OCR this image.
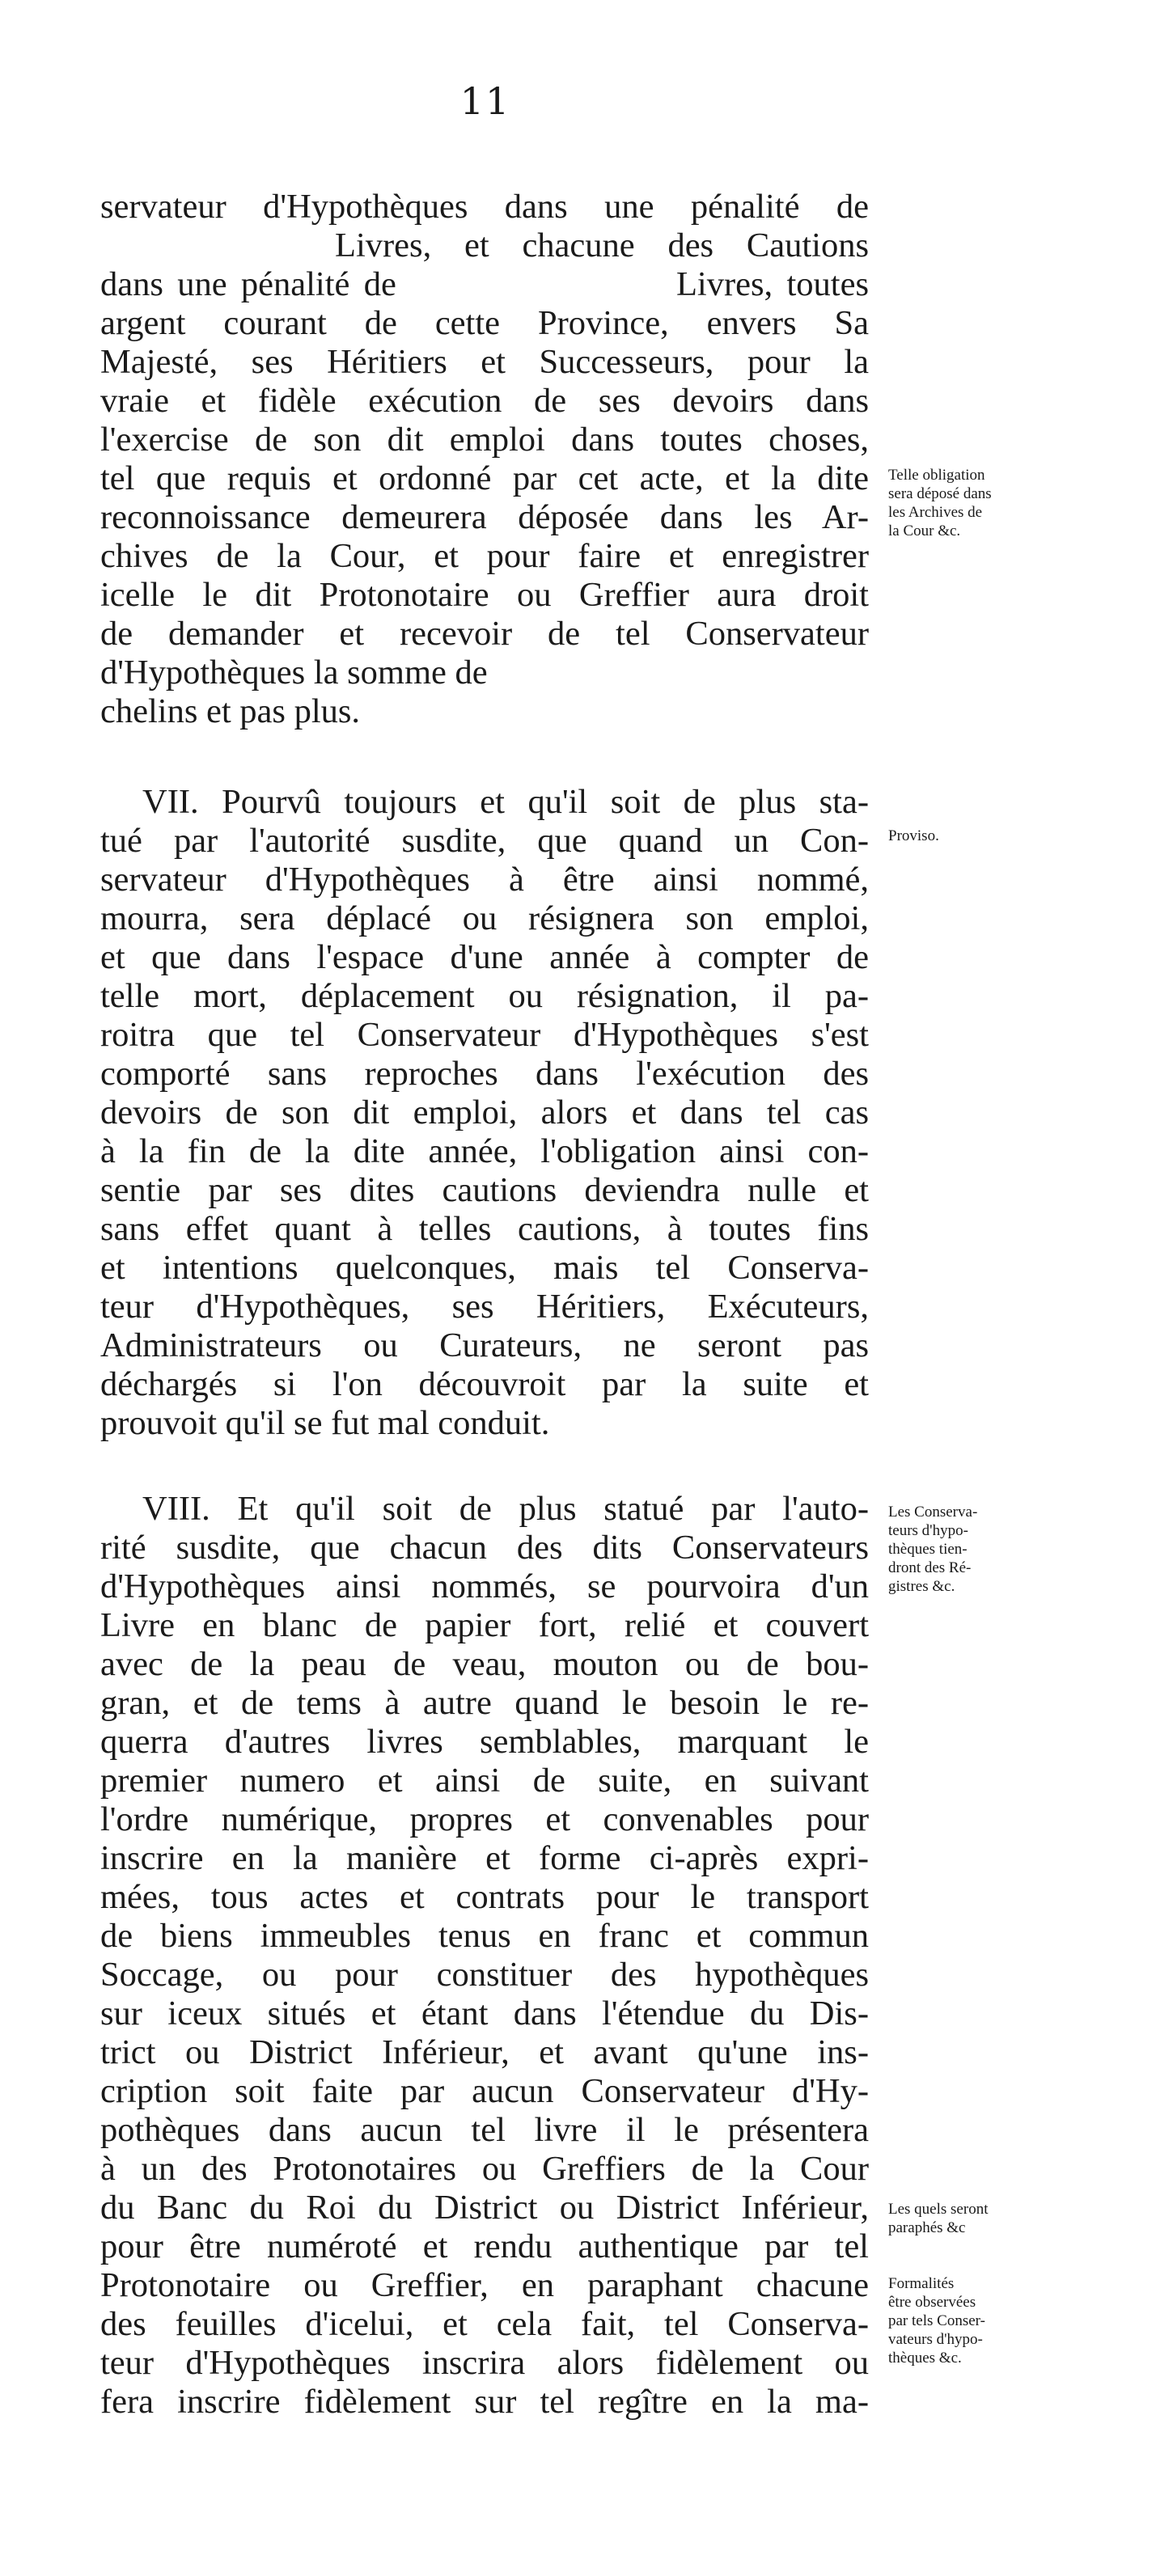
11
servateur d'Hypothèques dans une pénalité de
Livres, et chacune des Cautions
dans une pénalité de                    Livres, toutes
argent courant de cette Province, envers Sa
Majesté, ses Héritiers et Successeurs, pour la
vraie et fidèle exécution de ses devoirs dans
l'exercise de son dit emploi dans toutes choses,
tel que requis et ordonné par cet acte, et la dite
reconnoissance demeurera déposée dans les Ar-
chives de la Cour, et pour faire et enregistrer
icelle le dit Protonotaire ou Greffier aura droit
de demander et recevoir de tel Conservateur
d'Hypothèques la somme de
chelins et pas plus.
VII. Pourvû toujours et qu'il soit de plus sta-
tué par l'autorité susdite, que quand un Con-
servateur d'Hypothèques à être ainsi nommé,
mourra, sera déplacé ou résignera son emploi,
et que dans l'espace d'une année à compter de
telle mort, déplacement ou résignation, il pa-
roitra que tel Conservateur d'Hypothèques s'est
comporté sans reproches dans l'exécution des
devoirs de son dit emploi, alors et dans tel cas
à la fin de la dite année, l'obligation ainsi con-
sentie par ses dites cautions deviendra nulle et
sans effet quant à telles cautions, à toutes fins
et intentions quelconques, mais tel Conserva-
teur d'Hypothèques, ses Héritiers, Exécuteurs,
Administrateurs ou Curateurs, ne seront pas
déchargés si l'on découvroit par la suite et
prouvoit qu'il se fut mal conduit.
VIII. Et qu'il soit de plus statué par l'auto-
rité susdite, que chacun des dits Conservateurs
d'Hypothèques ainsi nommés, se pourvoira d'un
Livre en blanc de papier fort, relié et couvert
avec de la peau de veau, mouton ou de bou-
gran, et de tems à autre quand le besoin le re-
querra d'autres livres semblables, marquant le
premier numero et ainsi de suite, en suivant
l'ordre numérique, propres et convenables pour
inscrire en la manière et forme ci-après expri-
mées, tous actes et contrats pour le transport
de biens immeubles tenus en franc et commun
Soccage, ou pour constituer des hypothèques
sur iceux situés et étant dans l'étendue du Dis-
trict ou District Inférieur, et avant qu'une ins-
cription soit faite par aucun Conservateur d'Hy-
pothèques dans aucun tel livre il le présentera
à un des Protonotaires ou Greffiers de la Cour
du Banc du Roi du District ou District Inférieur,
pour être numéroté et rendu authentique par tel
Protonotaire ou Greffier, en paraphant chacune
des feuilles d'icelui, et cela fait, tel Conserva-
teur d'Hypothèques inscrira alors fidèlement ou
fera inscrire fidèlement sur tel regître en la ma-
Telle obligation
sera déposé dans
les Archives de
la Cour &c.
Proviso.
Les Conserva-
teurs d'hypo-
thèques tien-
dront des Ré-
gistres &c.
Les quels seront
paraphés &c
Formalités
être observées
par tels Conser-
vateurs d'hypo-
thèques &c.
